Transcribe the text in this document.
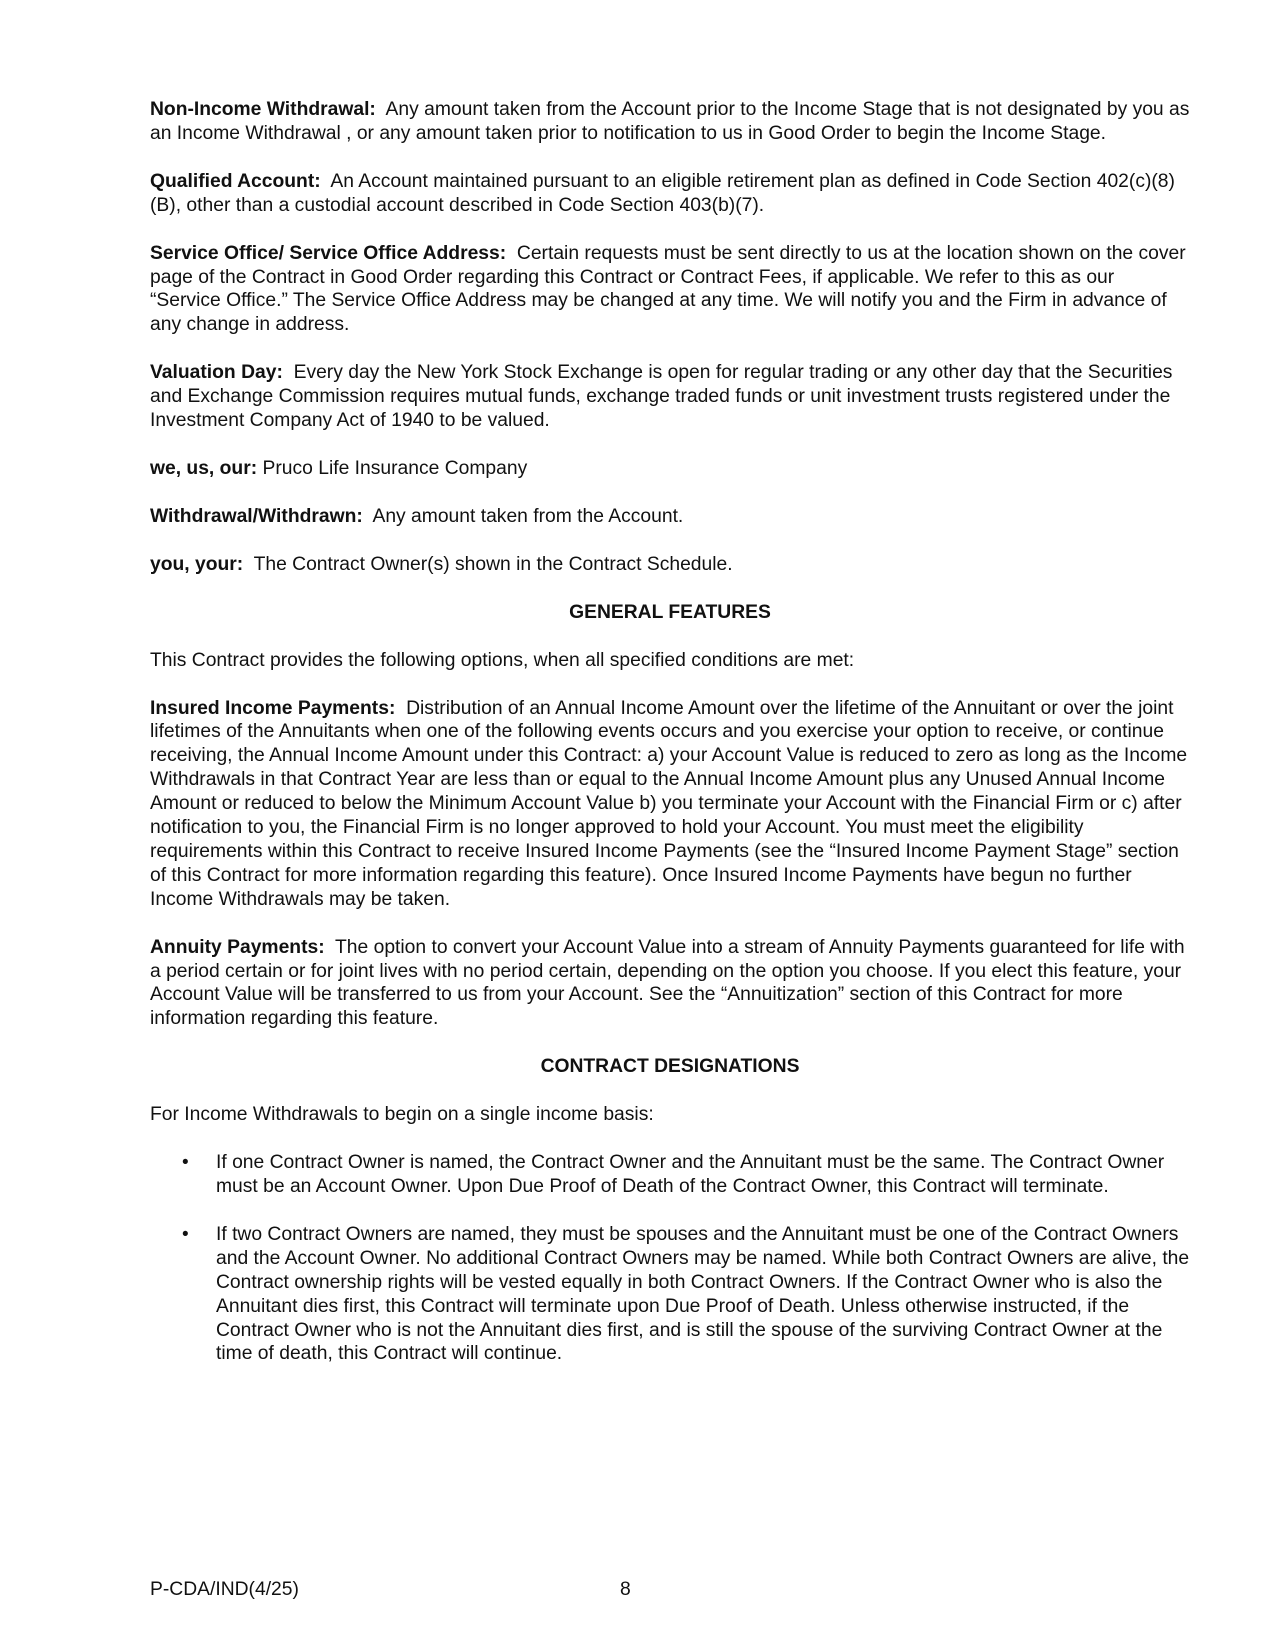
Non-Income Withdrawal: Any amount taken from the Account prior to the Income Stage that is not designated by you as an Income Withdrawal , or any amount taken prior to notification to us in Good Order to begin the Income Stage.

Qualified Account: An Account maintained pursuant to an eligible retirement plan as defined in Code Section 402(c)(8)(B), other than a custodial account described in Code Section 403(b)(7).

Service Office/ Service Office Address: Certain requests must be sent directly to us at the location shown on the cover page of the Contract in Good Order regarding this Contract or Contract Fees, if applicable. We refer to this as our “Service Office.” The Service Office Address may be changed at any time. We will notify you and the Firm in advance of any change in address.

Valuation Day: Every day the New York Stock Exchange is open for regular trading or any other day that the Securities and Exchange Commission requires mutual funds, exchange traded funds or unit investment trusts registered under the Investment Company Act of 1940 to be valued.

we, us, our: Pruco Life Insurance Company

Withdrawal/Withdrawn: Any amount taken from the Account.

you, your: The Contract Owner(s) shown in the Contract Schedule.

GENERAL FEATURES

This Contract provides the following options, when all specified conditions are met:

Insured Income Payments: Distribution of an Annual Income Amount over the lifetime of the Annuitant or over the joint lifetimes of the Annuitants when one of the following events occurs and you exercise your option to receive, or continue receiving, the Annual Income Amount under this Contract: a) your Account Value is reduced to zero as long as the Income Withdrawals in that Contract Year are less than or equal to the Annual Income Amount plus any Unused Annual Income Amount or reduced to below the Minimum Account Value b) you terminate your Account with the Financial Firm or c) after notification to you, the Financial Firm is no longer approved to hold your Account. You must meet the eligibility requirements within this Contract to receive Insured Income Payments (see the “Insured Income Payment Stage” section of this Contract for more information regarding this feature). Once Insured Income Payments have begun no further Income Withdrawals may be taken.

Annuity Payments: The option to convert your Account Value into a stream of Annuity Payments guaranteed for life with a period certain or for joint lives with no period certain, depending on the option you choose. If you elect this feature, your Account Value will be transferred to us from your Account. See the “Annuitization” section of this Contract for more information regarding this feature.

CONTRACT DESIGNATIONS

For Income Withdrawals to begin on a single income basis:

• If one Contract Owner is named, the Contract Owner and the Annuitant must be the same. The Contract Owner must be an Account Owner. Upon Due Proof of Death of the Contract Owner, this Contract will terminate.
• If two Contract Owners are named, they must be spouses and the Annuitant must be one of the Contract Owners and the Account Owner. No additional Contract Owners may be named. While both Contract Owners are alive, the Contract ownership rights will be vested equally in both Contract Owners. If the Contract Owner who is also the Annuitant dies first, this Contract will terminate upon Due Proof of Death. Unless otherwise instructed, if the Contract Owner who is not the Annuitant dies first, and is still the spouse of the surviving Contract Owner at the time of death, this Contract will continue.
P-CDA/IND(4/25)	8
